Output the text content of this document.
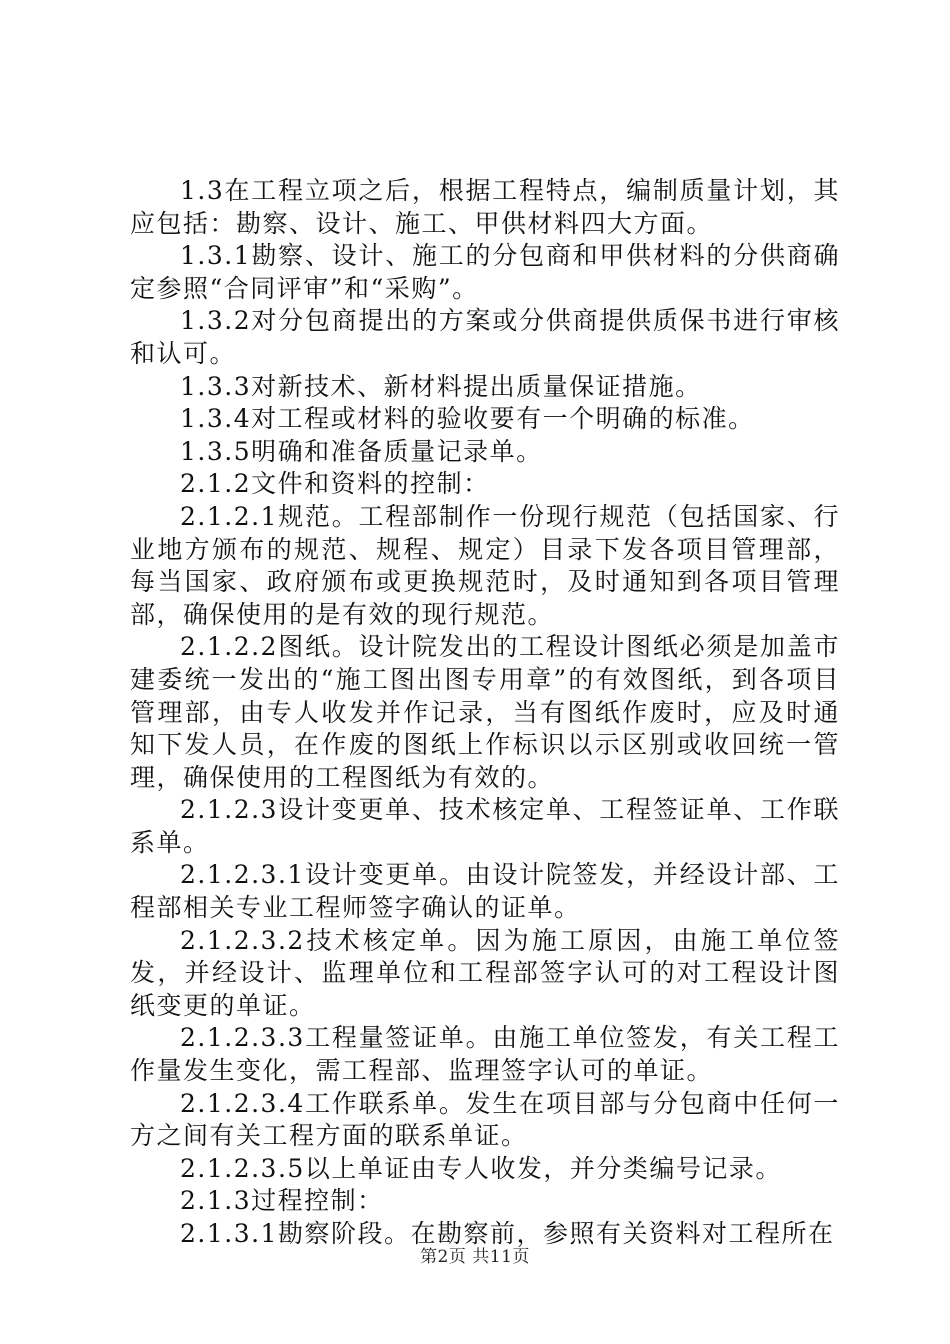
1.3在工程立项之后，根据工程特点，编制质量计划，其应包括：勘察、设计、施工、甲供材料四大方面。

1.3.1勘察、设计、施工的分包商和甲供材料的分供商确定参照“合同评审”和“采购”。

1.3.2对分包商提出的方案或分供商提供质保书进行审核和认可。

1.3.3对新技术、新材料提出质量保证措施。

1.3.4对工程或材料的验收要有一个明确的标准。

1.3.5明确和准备质量记录单。

2.1.2文件和资料的控制：

2.1.2.1规范。工程部制作一份现行规范（包括国家、行业地方颁布的规范、规程、规定）目录下发各项目管理部，每当国家、政府颁布或更换规范时，及时通知到各项目管理部，确保使用的是有效的现行规范。

2.1.2.2图纸。设计院发出的工程设计图纸必须是加盖市建委统一发出的“施工图出图专用章”的有效图纸，到各项目管理部，由专人收发并作记录，当有图纸作废时，应及时通知下发人员，在作废的图纸上作标识以示区别或收回统一管理，确保使用的工程图纸为有效的。

2.1.2.3设计变更单、技术核定单、工程签证单、工作联系单。

2.1.2.3.1设计变更单。由设计院签发，并经设计部、工程部相关专业工程师签字确认的证单。

2.1.2.3.2技术核定单。因为施工原因，由施工单位签发，并经设计、监理单位和工程部签字认可的对工程设计图纸变更的单证。

2.1.2.3.3工程量签证单。由施工单位签发，有关工程工作量发生变化，需工程部、监理签字认可的单证。

2.1.2.3.4工作联系单。发生在项目部与分包商中任何一方之间有关工程方面的联系单证。

2.1.2.3.5以上单证由专人收发，并分类编号记录。

2.1.3过程控制：

2.1.3.1勘察阶段。在勘察前，参照有关资料对工程所在

第2页 共11页
